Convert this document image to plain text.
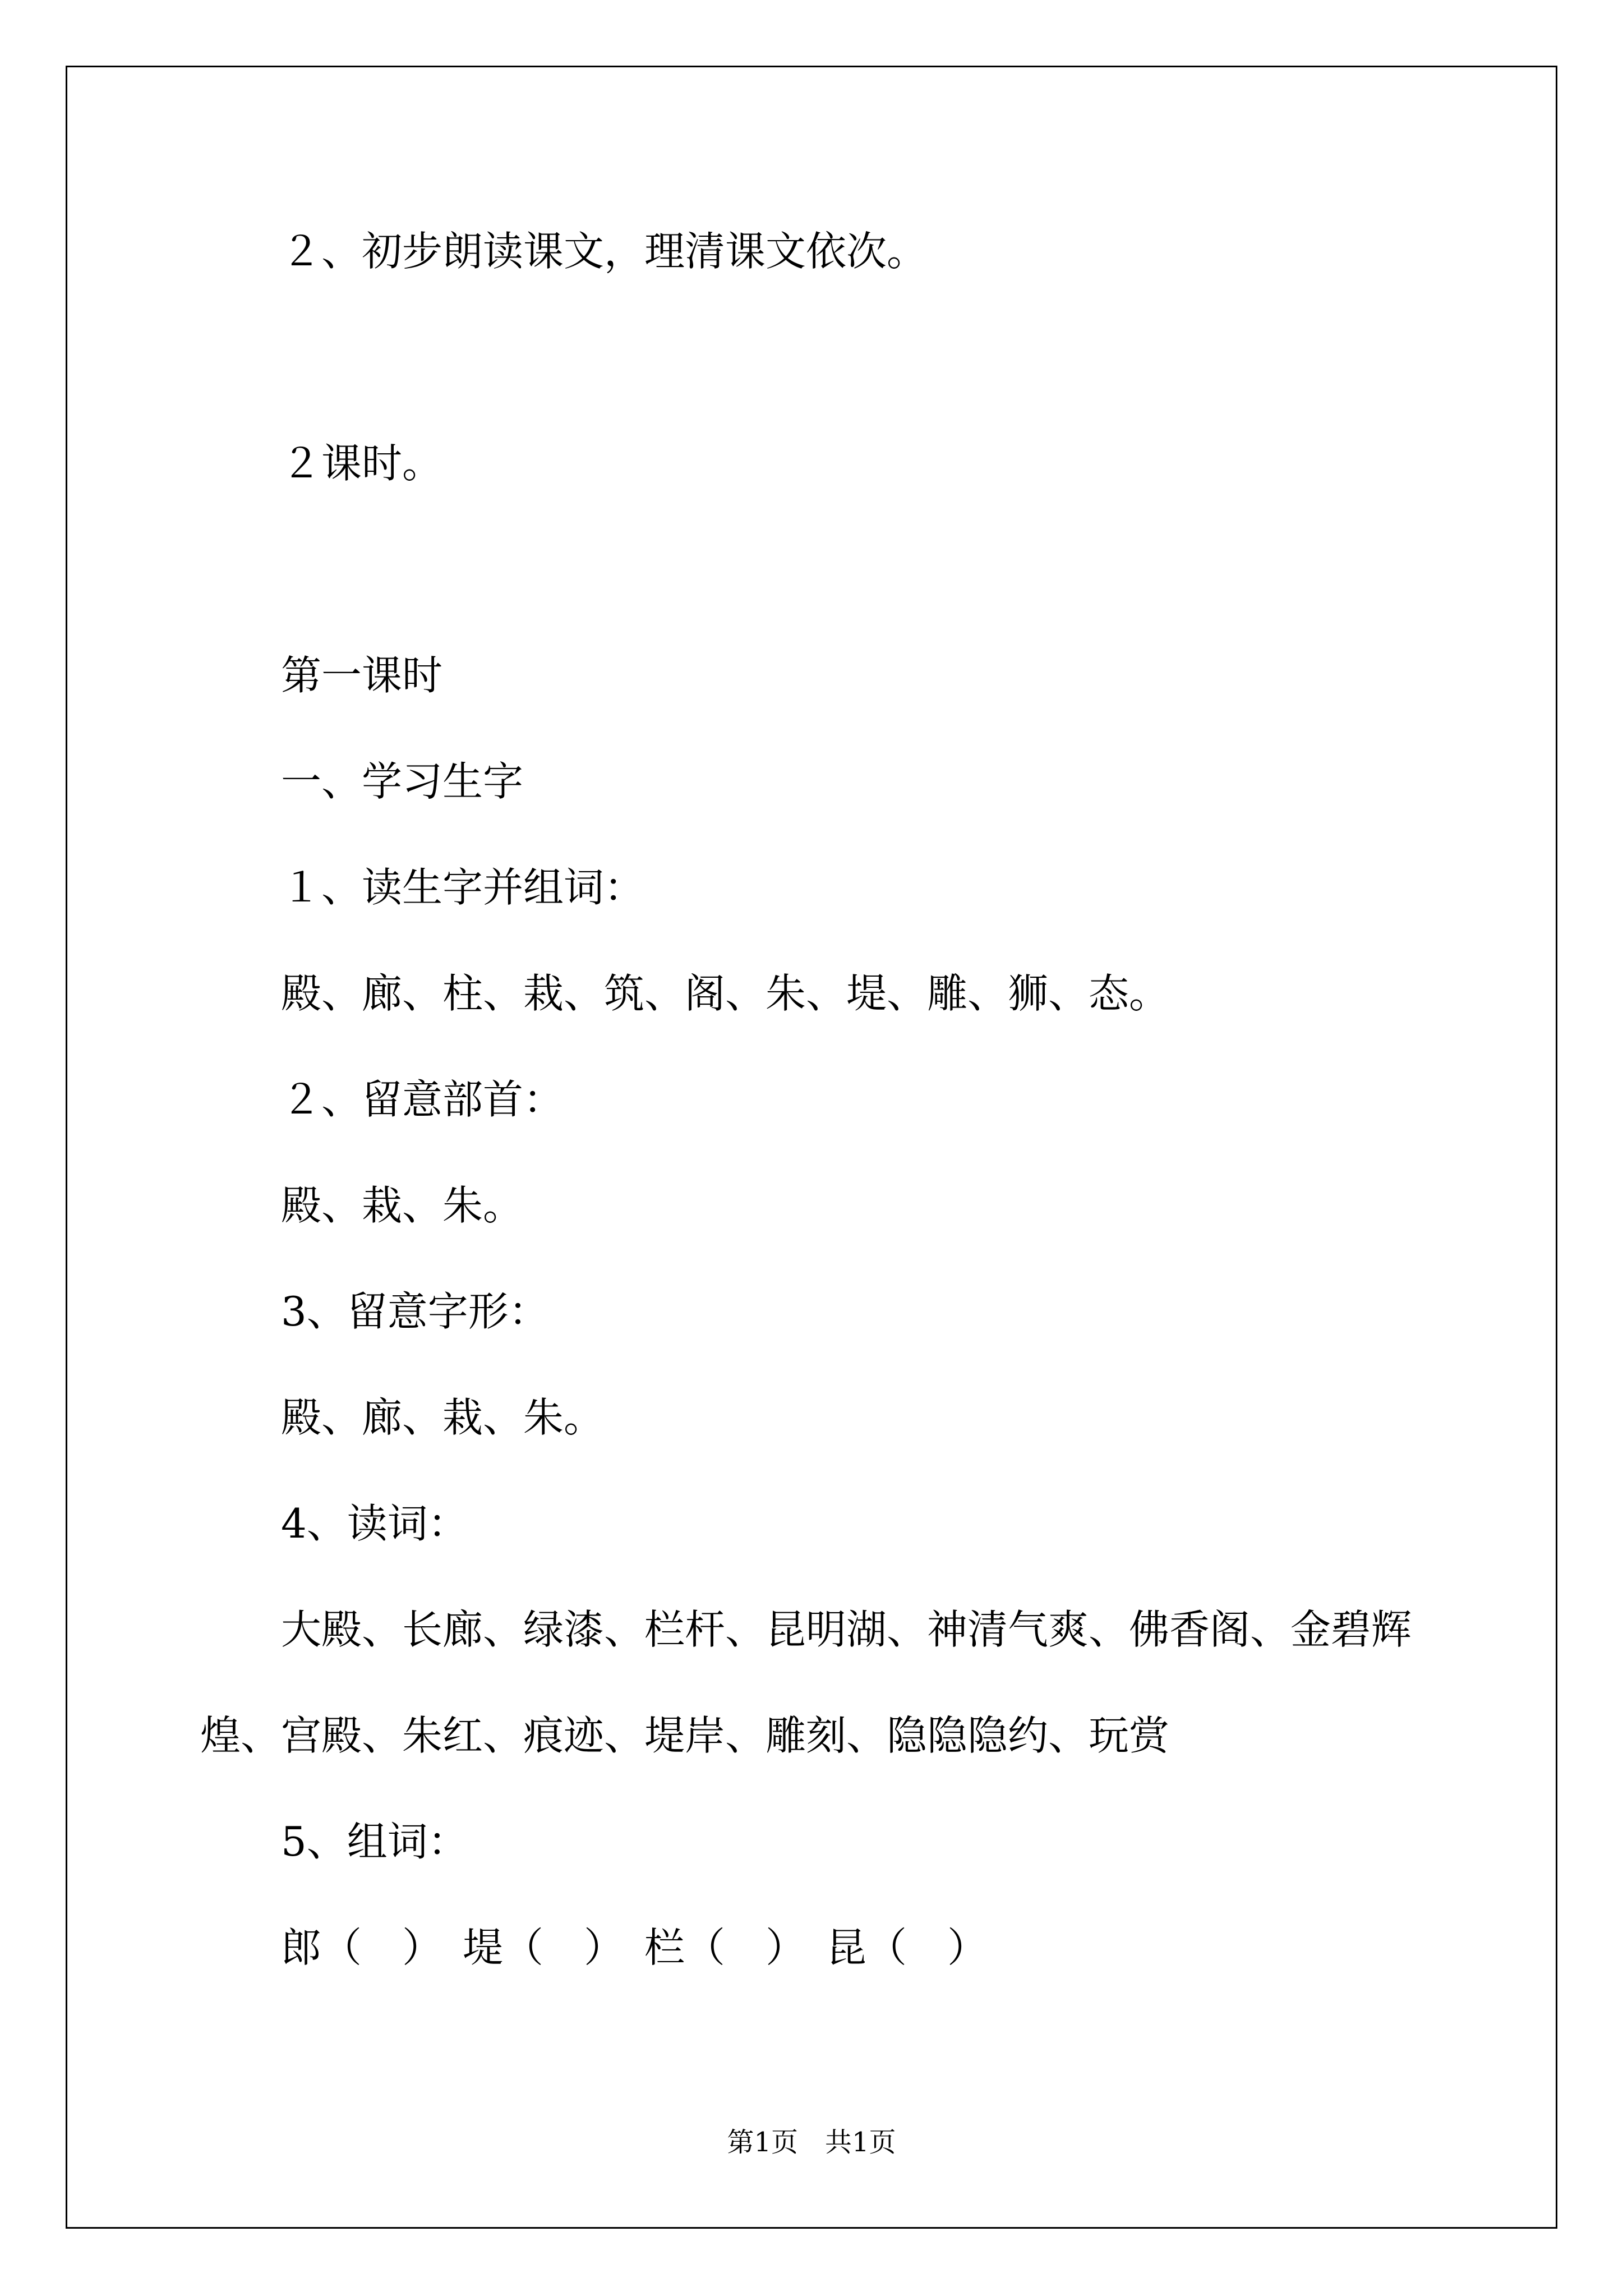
２、初步朗读课文，理清课文依次。
２课时。
第一课时
一、学习生字
１、读生字并组词：
殿、廊、柱、栽、筑、阁、朱、堤、雕、狮、态。
２、留意部首：
殿、栽、朱。
3、留意字形：
殿、廊、栽、朱。
4、读词：
大殿、长廊、绿漆、栏杆、昆明湖、神清气爽、佛香阁、金碧辉
煌、宫殿、朱红、痕迹、堤岸、雕刻、隐隐隐约、玩赏
5、组词：
郎（　） 堤（　） 栏（　） 昆（　）
第1页　共1页
